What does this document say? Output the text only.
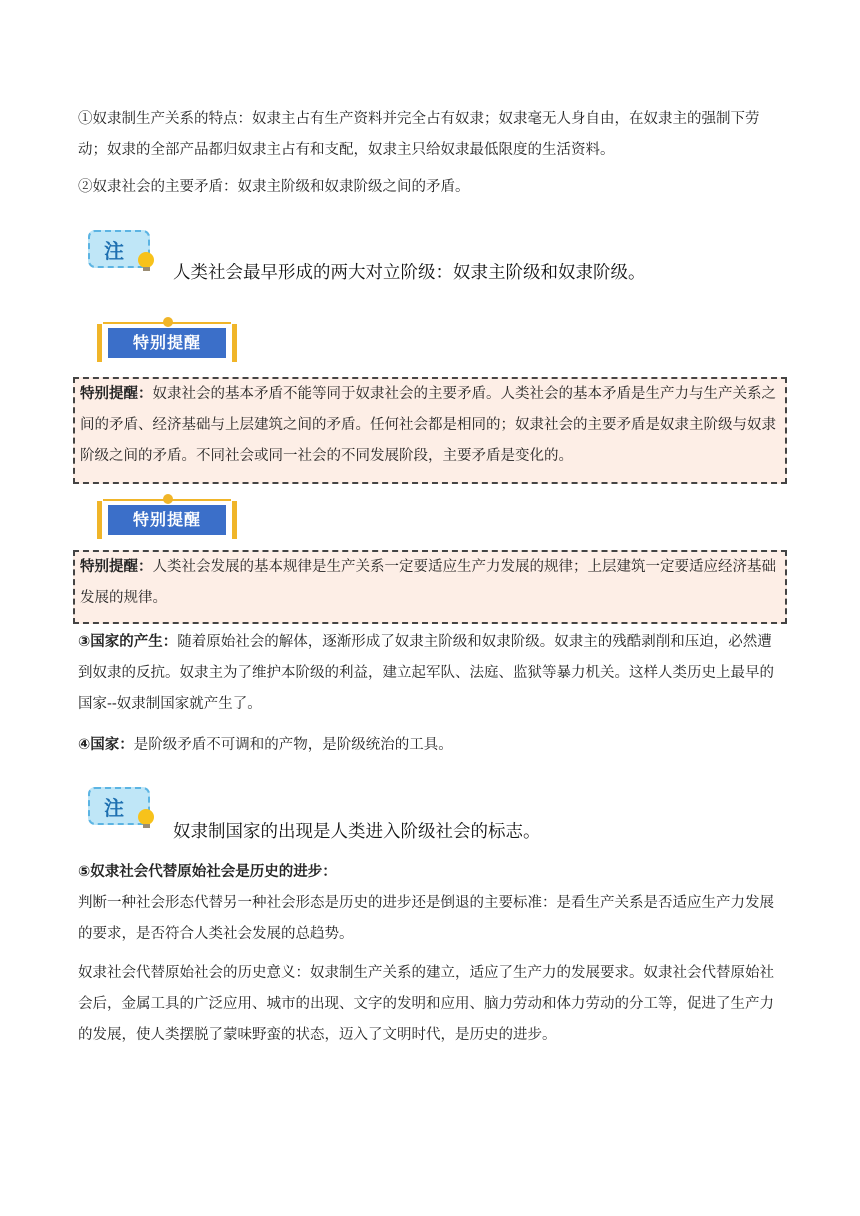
①奴隶制生产关系的特点：奴隶主占有生产资料并完全占有奴隶；奴隶毫无人身自由，在奴隶主的强制下劳动；奴隶的全部产品都归奴隶主占有和支配，奴隶主只给奴隶最低限度的生活资料。
②奴隶社会的主要矛盾：奴隶主阶级和奴隶阶级之间的矛盾。
注
人类社会最早形成的两大对立阶级：奴隶主阶级和奴隶阶级。
特别提醒
特别提醒：奴隶社会的基本矛盾不能等同于奴隶社会的主要矛盾。人类社会的基本矛盾是生产力与生产关系之间的矛盾、经济基础与上层建筑之间的矛盾。任何社会都是相同的；奴隶社会的主要矛盾是奴隶主阶级与奴隶阶级之间的矛盾。不同社会或同一社会的不同发展阶段，主要矛盾是变化的。
特别提醒
特别提醒：人类社会发展的基本规律是生产关系一定要适应生产力发展的规律；上层建筑一定要适应经济基础发展的规律。
③国家的产生：随着原始社会的解体，逐渐形成了奴隶主阶级和奴隶阶级。奴隶主的残酷剥削和压迫，必然遭到奴隶的反抗。奴隶主为了维护本阶级的利益，建立起军队、法庭、监狱等暴力机关。这样人类历史上最早的国家--奴隶制国家就产生了。
④国家：是阶级矛盾不可调和的产物，是阶级统治的工具。
注
奴隶制国家的出现是人类进入阶级社会的标志。
⑤奴隶社会代替原始社会是历史的进步：
判断一种社会形态代替另一种社会形态是历史的进步还是倒退的主要标准：是看生产关系是否适应生产力发展的要求，是否符合人类社会发展的总趋势。
奴隶社会代替原始社会的历史意义：奴隶制生产关系的建立，适应了生产力的发展要求。奴隶社会代替原始社会后，金属工具的广泛应用、城市的出现、文字的发明和应用、脑力劳动和体力劳动的分工等，促进了生产力的发展，使人类摆脱了蒙味野蛮的状态，迈入了文明时代，是历史的进步。
